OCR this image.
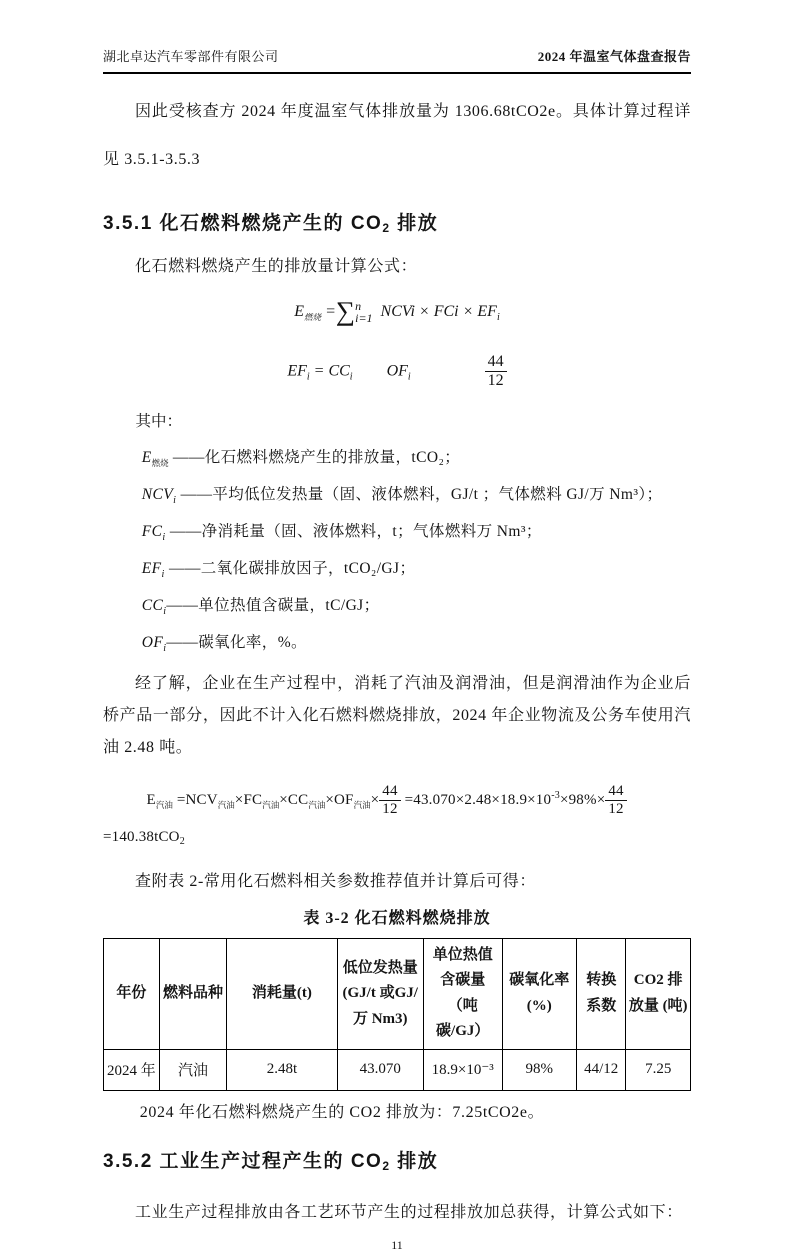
湖北卓达汽车零部件有限公司	2024 年温室气体盘查报告

因此受核查方 2024 年度温室气体排放量为 1306.68tCO2e。具体计算过程详见 3.5.1-3.5.3

3.5.1 化石燃料燃烧产生的 CO2 排放

化石燃料燃烧产生的排放量计算公式：

$E_{燃烧}$ =∑ n
i=1 NCVi × FCi × $EF_i$
$EF_i = CC_i$ $OF_i$	$\frac{44}{12}$
其中：
$E_{燃烧}$ ——化石燃料燃烧产生的排放量，tCO₂；
$NCV_i$ ——平均低位发热量（固、液体燃料，GJ/t ；气体燃料 GJ/万 Nm³）；
$FC_i$ ——净消耗量（固、液体燃料，t；气体燃料万 Nm³；
$EF_i$ ——二氧化碳排放因子，tCO₂/GJ；
$CC_i——$单位热值含碳量，tC/GJ；
$OF_i——$碳氧化率，%。

经了解，企业在生产过程中，消耗了汽油及润滑油，但是润滑油作为企业后桥产品一部分，因此不计入化石燃料燃烧排放，2024 年企业物流及公务车使用汽油 2.48 吨。

$E_{汽油} =NCV_{汽油}\times FC_{汽油}\times CC_{汽油}\times OF_{汽油}\times \frac{44}{12} =43.070\times 2.48\times 18.9\times 10^{-3}\times 98\%\times \frac{44}{12}$
=140.38tCO$_2$

查附表 2-常用化石燃料相关参数推荐值并计算后可得：

表 3-2 化石燃料燃烧排放
年份	燃料品种	消耗量(t)	低位发热量 (GJ/t 或GJ/ 万 Nm3)	单位热值含碳量（吨碳/GJ）	碳氧化率 (%)	转换系数	CO2 排放量 (吨)
2024 年	汽油	2.48t	43.070	18.9×10⁻³	98%	44/12	7.25

2024 年化石燃料燃烧产生的 CO2 排放为：7.25tCO2e。

3.5.2 工业生产过程产生的 CO2 排放

工业生产过程排放由各工艺环节产生的过程排放加总获得，计算公式如下：

11
